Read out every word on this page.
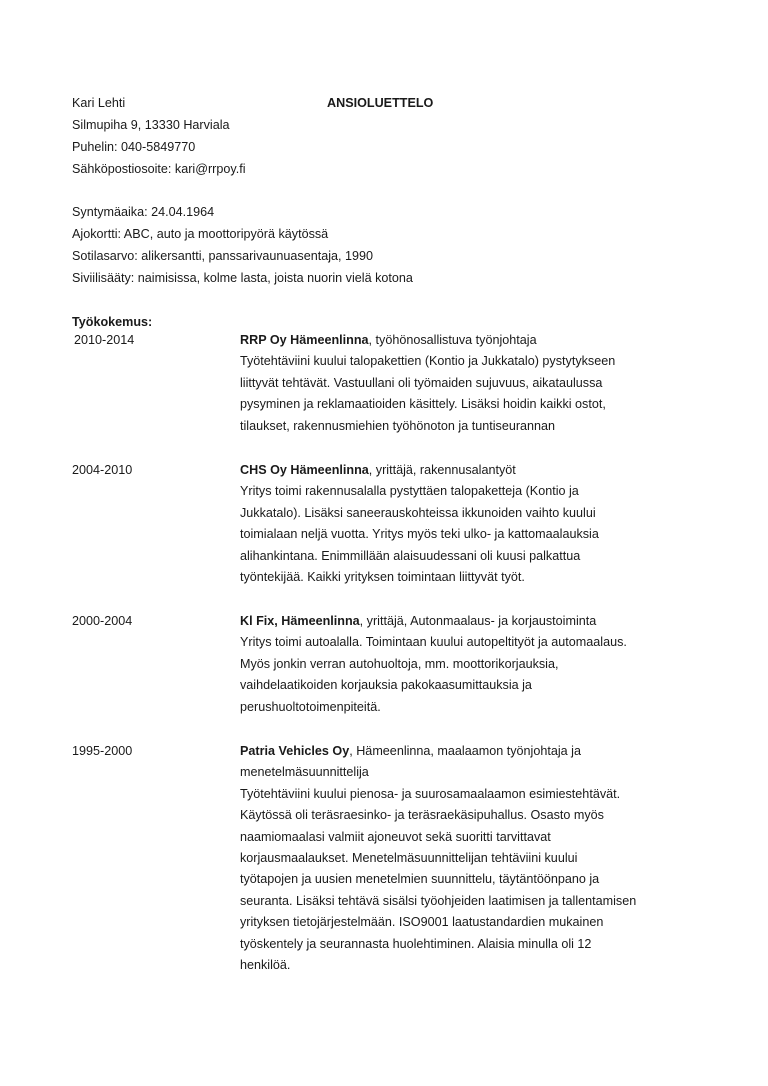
Kari Lehti	ANSIOLUETTELO
Silmupiha 9, 13330 Harviala
Puhelin: 040-5849770
Sähköpostiosoite: kari@rrpoy.fi
Syntymäaika: 24.04.1964
Ajokortti: ABC, auto ja moottoripyörä käytössä
Sotilasarvo: alikersantti, panssarivaunuasentaja, 1990
Siviilisääty: naimisissa, kolme lasta, joista nuorin vielä kotona
Työkokemus:
2010-2014	RRP Oy Hämeenlinna, työhönosallistuva työnjohtaja
Työtehtäviini kuului talopakettien (Kontio ja Jukkatalo) pystytykseen
liittyvät tehtävät. Vastuullani oli työmaiden sujuvuus, aikataulussa
pysyminen ja reklamaatioiden käsittely. Lisäksi hoidin kaikki ostot,
tilaukset, rakennusmiehien työhönoton ja tuntiseurannan
2004-2010	CHS Oy Hämeenlinna, yrittäjä, rakennusalantyöt
Yritys toimi rakennusalalla pystyttäen talopaketteja (Kontio ja
Jukkatalo). Lisäksi saneerauskohteissa ikkunoiden vaihto kuului
toimialaan neljä vuotta. Yritys myös teki ulko- ja kattomaalauksia
alihankintana. Enimmillään alaisuudessani oli kuusi palkattua
työntekijää. Kaikki yrityksen toimintaan liittyvät työt.
2000-2004	Kl Fix, Hämeenlinna, yrittäjä, Autonmaalaus- ja korjaustoiminta
Yritys toimi autoalalla. Toimintaan kuului autopeltityöt ja automaalaus.
Myös jonkin verran autohuoltoja, mm. moottorikorjauksia,
vaihdelaatikoiden korjauksia pakokaasumittauksia ja
perushuoltotoimenpiteitä.
1995-2000	Patria Vehicles Oy, Hämeenlinna, maalaamon työnjohtaja ja
menetelmäsuunnittelija
Työtehtäviini kuului pienosa- ja suurosamaalaamon esimiestehtävät.
Käytössä oli teräsraesinko- ja teräsraekäsipuhallus. Osasto myös
naamiomaalasi valmiit ajoneuvot sekä suoritti tarvittavat
korjausmaalaukset. Menetelmäsuunnittelijan tehtäviini kuului
työtapojen ja uusien menetelmien suunnittelu, täytäntöönpano ja
seuranta. Lisäksi tehtävä sisälsi työohjeiden laatimisen ja tallentamisen
yrityksen tietojärjestelmään. ISO9001 laatustandardien mukainen
työskentely ja seurannasta huolehtiminen. Alaisia minulla oli 12
henkilöä.
